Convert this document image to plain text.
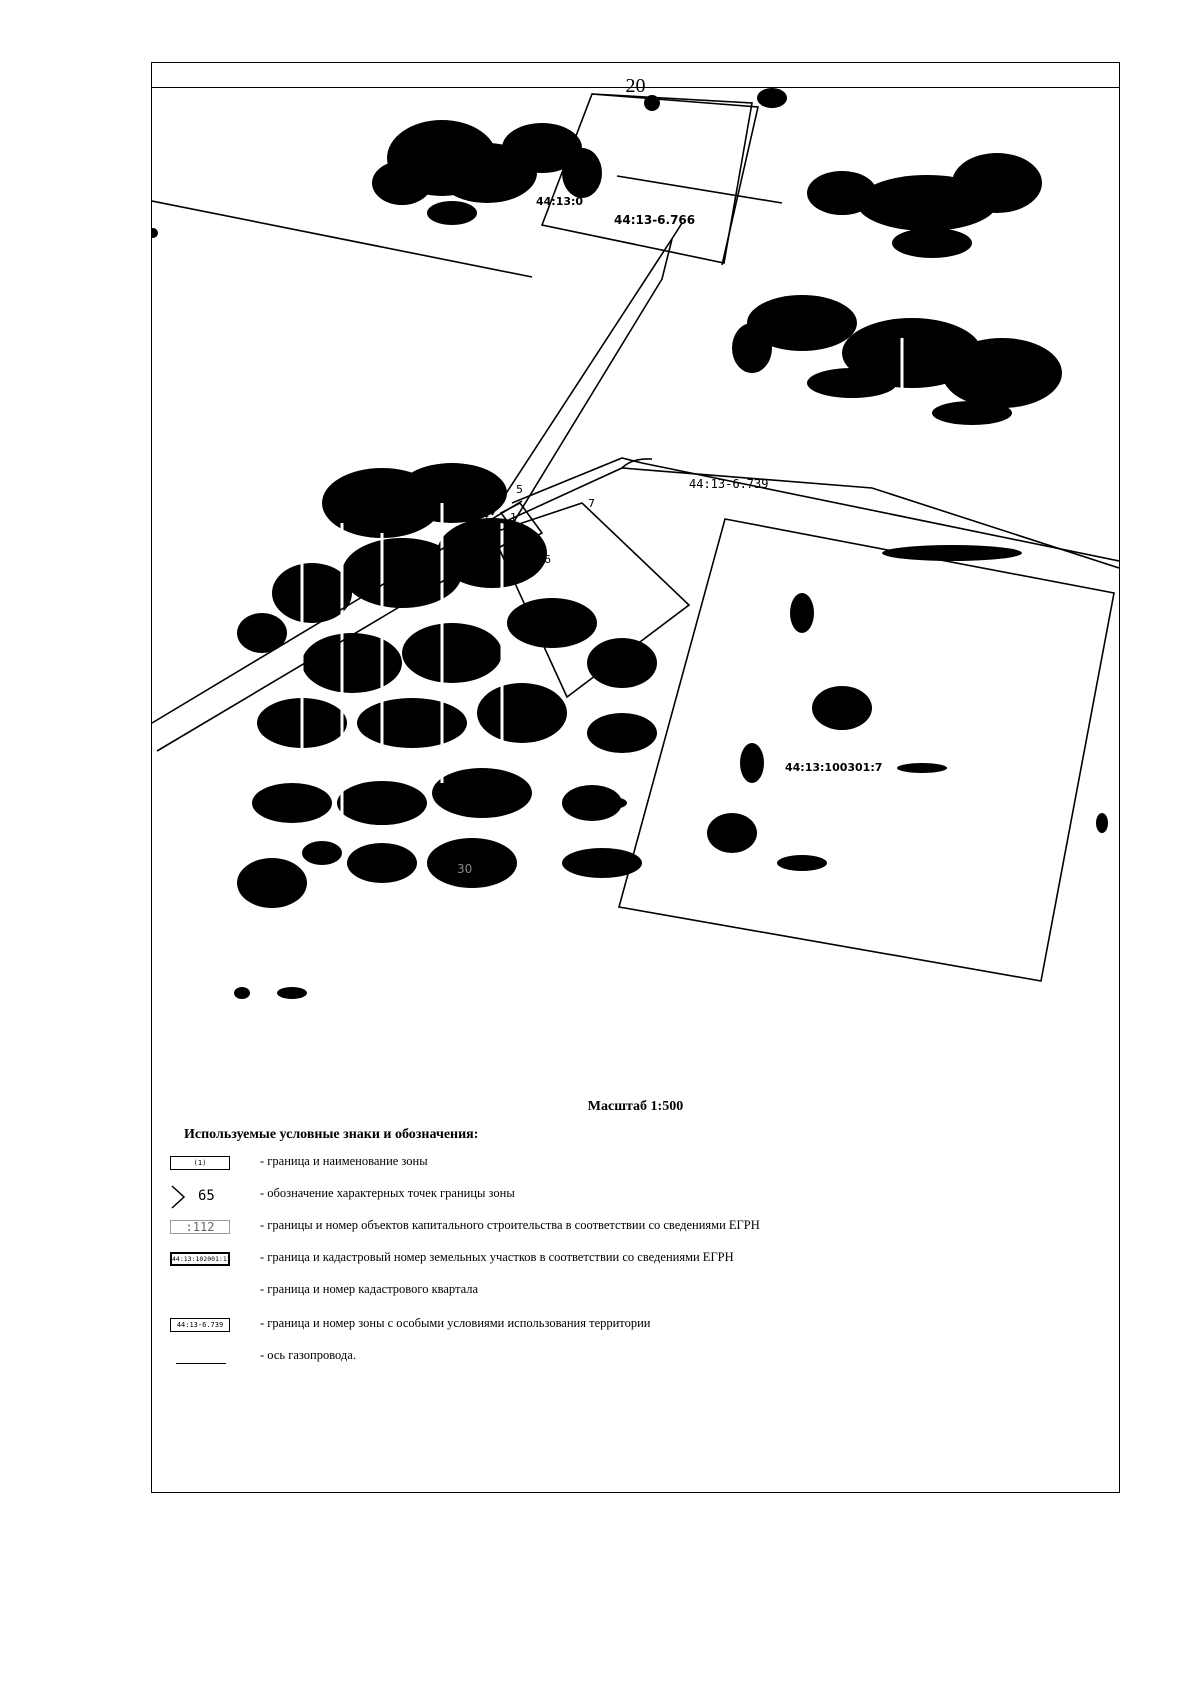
20
1
4
5
6
7
44:13-6.766
44:13:0
44:13-6.739
44:13:100301:7
30
Масштаб 1:500
Используемые условные знаки и обозначения:
(1)	- граница и наименование зоны
65	- обозначение характерных точек границы зоны
:112	- границы и номер объектов капитального строительства в соответствии со сведениями ЕГРН
44:13:102001:11 - граница и кадастровый номер земельных участков в соответствии со сведениями ЕГРН
- граница и номер кадастрового квартала
44:13-6.739	- граница и номер зоны с особыми условиями использования территории
- ось газопровода.
